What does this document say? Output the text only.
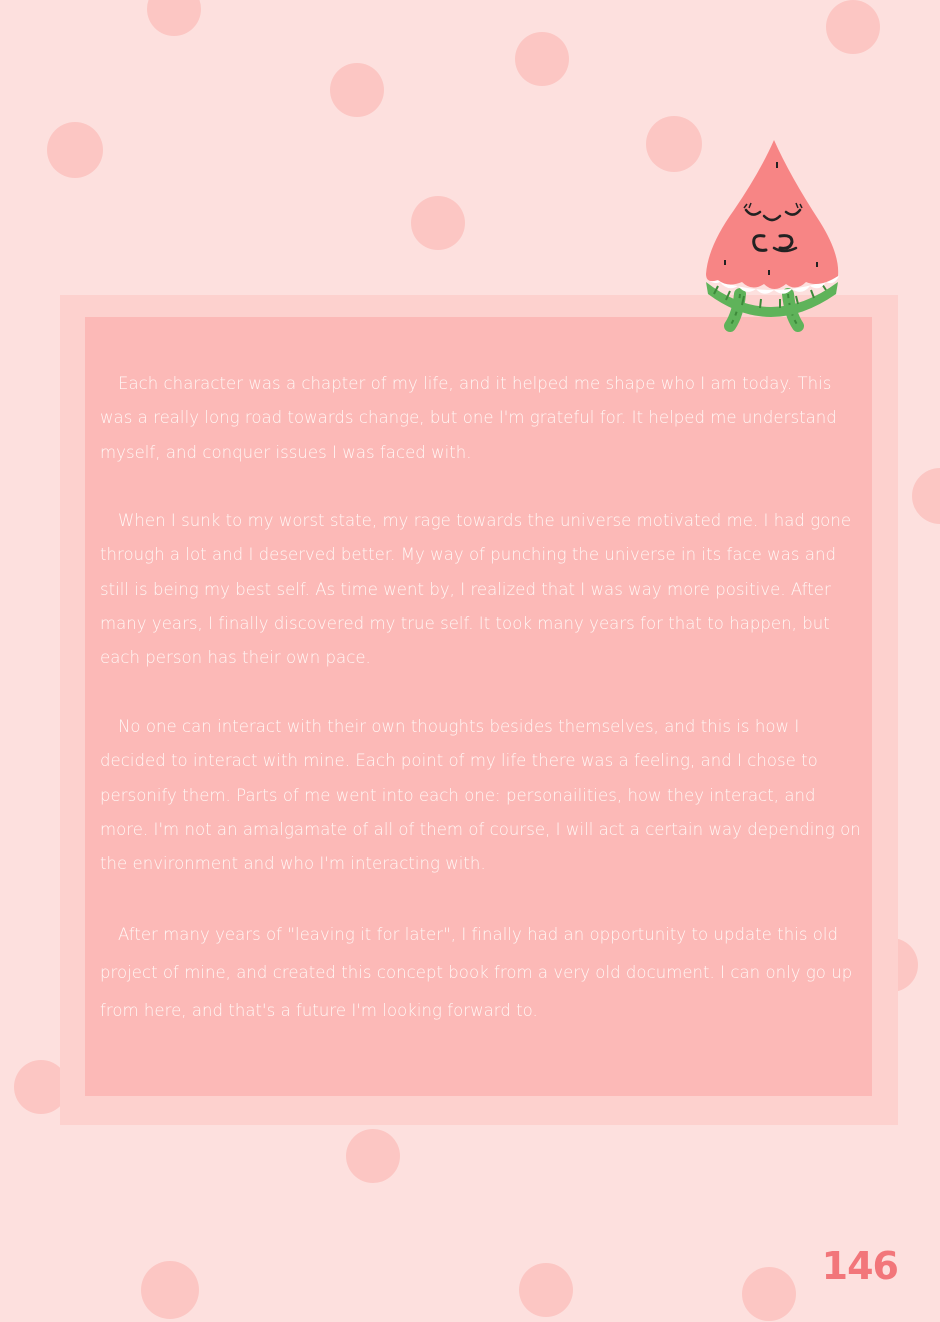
Each character was a chapter of my life, and it helped me shape who I am today. This was a really long road towards change, but one I'm grateful for. It helped me understand myself, and conquer issues I was faced with.

When I sunk to my worst state, my rage towards the universe motivated me. I had gone through a lot and I deserved better. My way of punching the universe in its face was and still is being my best self. As time went by, I realized that I was way more positive. After many years, I finally discovered my true self. It took many years for that to happen, but each person has their own pace.

No one can interact with their own thoughts besides themselves, and this is how I decided to interact with mine. Each point of my life there was a feeling, and I chose to personify them. Parts of me went into each one: personailities, how they interact, and more. I'm not an amalgamate of all of them of course, I will act a certain way depending on the environment and who I'm interacting with.

After many years of "leaving it for later", I finally had an opportunity to update this old project of mine, and created this concept book from a very old document. I can only go up from here, and that's a future I'm looking forward to.

146
